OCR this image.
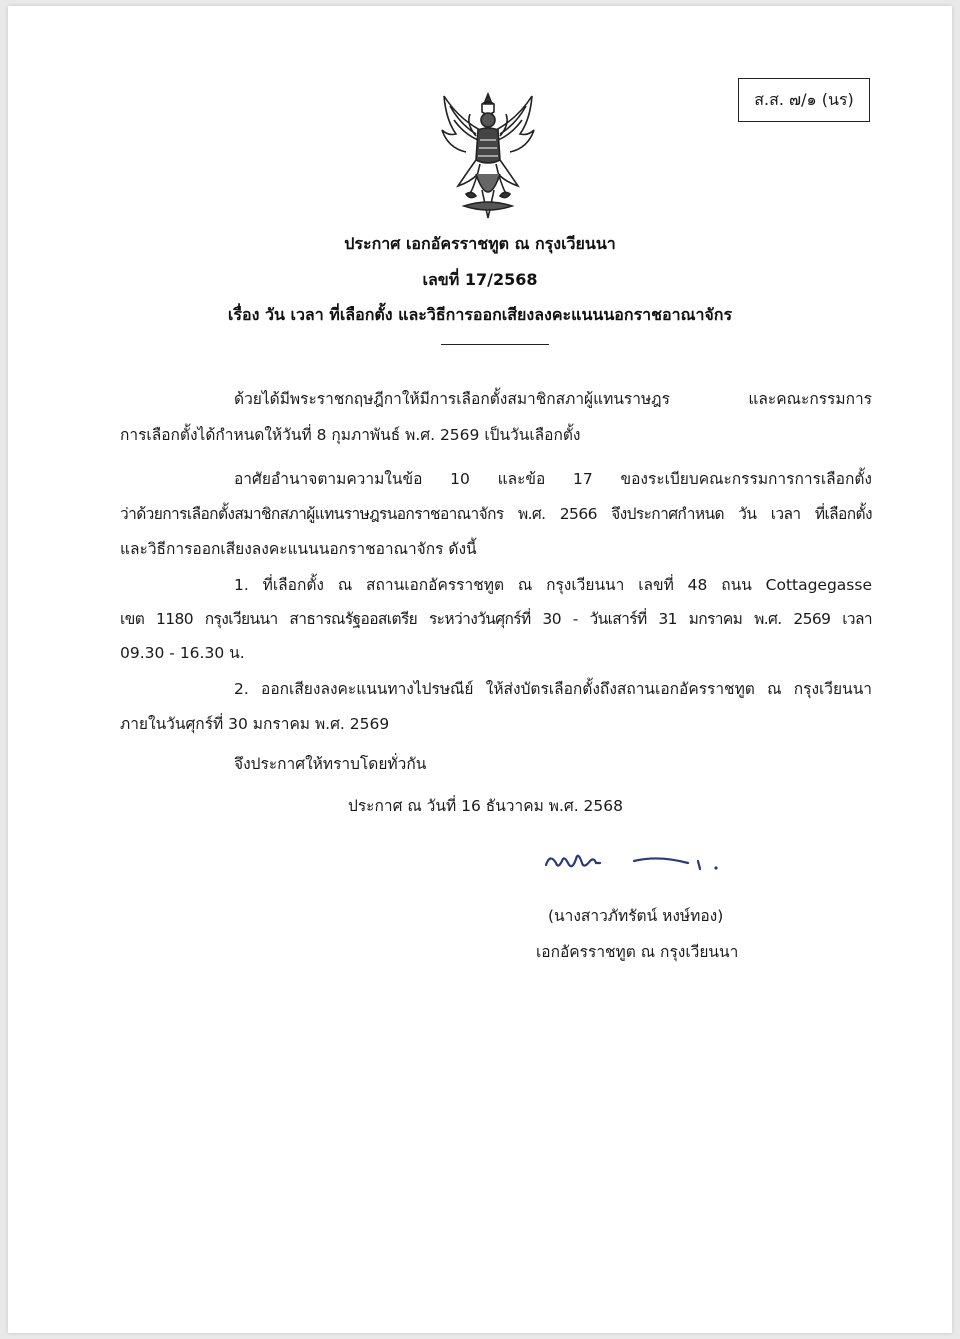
ส.ส. ๗/๑ (นร)
ประกาศ เอกอัครราชทูต ณ กรุงเวียนนา
เลขที่ 17/2568
เรื่อง วัน เวลา ที่เลือกตั้ง และวิธีการออกเสียงลงคะแนนนอกราชอาณาจักร
ด้วยได้มีพระราชกฤษฎีกาให้มีการเลือกตั้งสมาชิกสภาผู้แทนราษฎร และคณะกรรมการ
การเลือกตั้งได้กำหนดให้วันที่ 8 กุมภาพันธ์ พ.ศ. 2569 เป็นวันเลือกตั้ง
อาศัยอำนาจตามความในข้อ 10 และข้อ 17 ของระเบียบคณะกรรมการการเลือกตั้ง
ว่าด้วยการเลือกตั้งสมาชิกสภาผู้แทนราษฎรนอกราชอาณาจักร พ.ศ. 2566 จึงประกาศกำหนด วัน เวลา ที่เลือกตั้ง
และวิธีการออกเสียงลงคะแนนนอกราชอาณาจักร ดังนี้
1. ที่เลือกตั้ง ณ สถานเอกอัครราชทูต ณ กรุงเวียนนา เลขที่ 48 ถนน Cottagegasse
เขต 1180 กรุงเวียนนา สาธารณรัฐออสเตรีย ระหว่างวันศุกร์ที่ 30 - วันเสาร์ที่ 31 มกราคม พ.ศ. 2569 เวลา
09.30 - 16.30 น.
2. ออกเสียงลงคะแนนทางไปรษณีย์ ให้ส่งบัตรเลือกตั้งถึงสถานเอกอัครราชทูต ณ กรุงเวียนนา
ภายในวันศุกร์ที่ 30 มกราคม พ.ศ. 2569
จึงประกาศให้ทราบโดยทั่วกัน
ประกาศ ณ วันที่ 16 ธันวาคม พ.ศ. 2568
(นางสาวภัทรัตน์ หงษ์ทอง)
เอกอัครราชทูต ณ กรุงเวียนนา
